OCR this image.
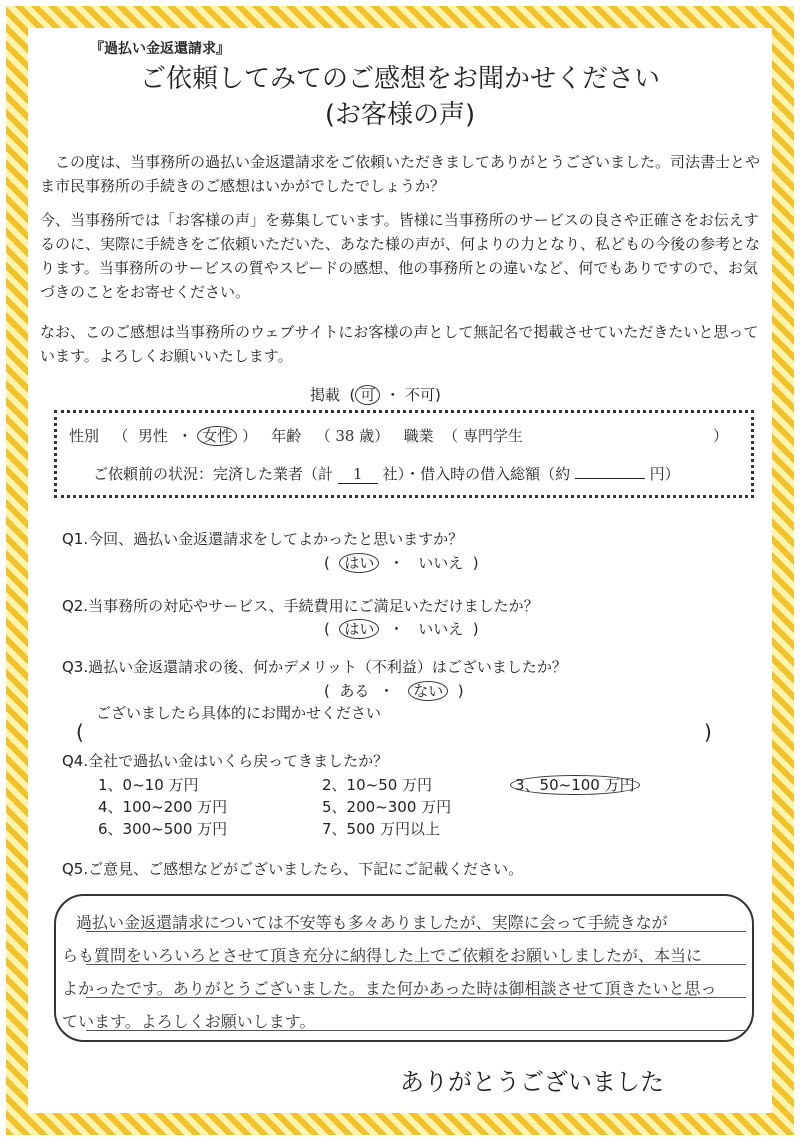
『過払い金返還請求』
ご依頼してみてのご感想をお聞かせください
(お客様の声)
この度は、当事務所の過払い金返還請求をご依頼いただきましてありがとうございました。司法書士とやま市民事務所の手続きのご感想はいかがでしたでしょうか？
今、当事務所では「お客様の声」を募集しています。皆様に当事務所のサービスの良さや正確さをお伝えするのに、実際に手続きをご依頼いただいた、あなた様の声が、何よりの力となり、私どもの今後の参考となります。当事務所のサービスの質やスピードの感想、他の事務所との違いなど、何でもありですので、お気づきのことをお寄せください。
なお、このご感想は当事務所のウェブサイトにお客様の声として無記名で掲載させていただきたいと思っています。よろしくお願いいたします。
掲載  ( 可 ・ 不可)
性別   （  男性  ・ 女性 ）   年齢   （ 38 歳）   職業  （ 専門学生	）
ご依頼前の状況：完済した業者（計 1 社）・借入時の借入総額（約	円）
Q1.今回、過払い金返還請求をしてよかったと思いますか？
(  はい  ・   いいえ  )
Q2.当事務所の対応やサービス、手続費用にご満足いただけましたか？
(  はい  ・   いいえ  )
Q3.過払い金返還請求の後、何かデメリット（不利益）はございましたか？
(  ある  ・   ない  )
ございましたら具体的にお聞かせください
(	)
Q4.全社で過払い金はいくら戻ってきましたか？
1、0~10 万円	2、10~50 万円	3、50~100 万円
4、100~200 万円	5、200~300 万円
6、300~500 万円	7、500 万円以上
Q5.ご意見、ご感想などがございましたら、下記にご記載ください。
過払い金返還請求については不安等も多々ありましたが、実際に会って手続きなが
らも質問をいろいろとさせて頂き充分に納得した上でご依頼をお願いしましたが、本当に
よかったです。ありがとうございました。また何かあった時は御相談させて頂きたいと思っ
ています。よろしくお願いします。
ありがとうございました
